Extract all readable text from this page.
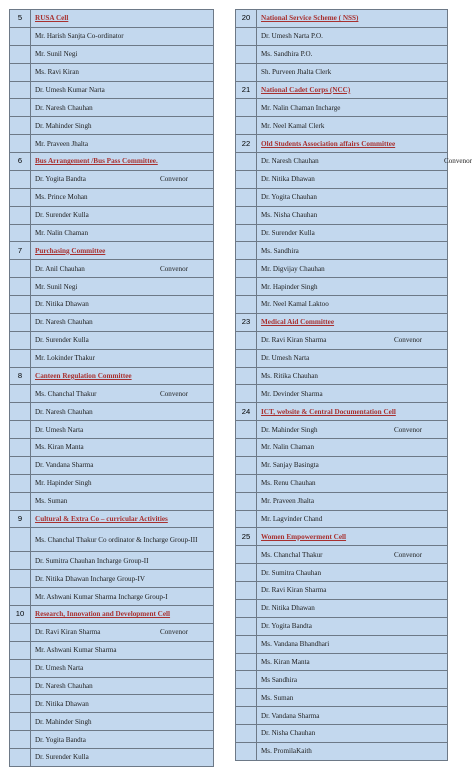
5	RUSA Cell

	Mr. Harish Sanjta Co-ordinator

	Mr. Sunil Negi

	Ms. Ravi Kiran

	Dr. Umesh Kumar Narta

	Dr. Naresh Chauhan

	Dr. Mahinder Singh

	Mr. Praveen Jhalta

6	Bus Arrangement /Bus Pass Committee.

	Dr. Yogita Bandta Convenor

	Ms. Prince Mohan

	Dr. Surender Kulla

	Mr. Nalin Chaman

7	Purchasing Committee

	Dr. Anil Chauhan Convenor

	Mr. Sunil Negi

	Dr. Nitika Dhawan

	Dr. Naresh Chauhan

	Dr. Surender Kulla

	Mr. Lokinder Thakur

8	Canteen Regulation Committee

	Ms. Chanchal Thakur Convenor

	Dr. Naresh Chauhan

	Dr. Umesh Narta

	Ms. Kiran Manta

	Dr. Vandana Sharma

	Mr. Hapinder Singh

	Ms. Suman

9	Cultural & Extra Co – curricular Activities

	Ms. Chanchal Thakur Co ordinator & Incharge Group-III

	Dr. Sumitra Chauhan Incharge Group-II

	Dr. Nitika Dhawan Incharge Group-IV

	Mr. Ashwani Kumar Sharma Incharge Group-I

10	Research, Innovation and Development Cell

	Dr. Ravi Kiran Sharma Convenor

	Mr. Ashwani Kumar Sharma

	Dr. Umesh Narta

	Dr. Naresh Chauhan

	Dr. Nitika Dhawan

	Dr. Mahinder Singh

	Dr. Yogita Bandta

	Dr. Surender Kulla
20	National Service Scheme ( NSS)

	Dr. Umesh Narta P.O.

	Ms. Sandhira P.O.

	Sh. Purveen Jhalta Clerk

21	National Cadet Corps (NCC)

	Mr. Nalin Chaman Incharge

	Mr. Neel Kamal Clerk

22	Old Students Association affairs Committee

	Dr. Naresh Chauhan Convenor

	Dr. Nitika Dhawan

	Dr. Yogita Chauhan

	Ms. Nisha Chauhan

	Dr. Surender Kulla

	Ms. Sandhira

	Mr. Digvijay Chauhan

	Mr. Hapinder Singh

	Mr. Neel Kamal Laktoo

23	Medical Aid Committee

	Dr. Ravi Kiran Sharma Convenor

	Dr. Umesh Narta

	Ms. Ritika Chauhan

	Mr. Devinder Sharma

24	ICT, website & Central Documentation Cell

	Dr. Mahinder Singh Convenor

	Mr. Nalin Chaman

	Mr. Sanjay Basingta

	Ms. Renu Chauhan

	Mr. Praveen Jhalta

	Mr. Lagvinder Chand

25	Women Empowerment Cell

	Ms. Chanchal Thakur Convenor

	Dr. Sumitra Chauhan

	Dr. Ravi Kiran Sharma

	Dr. Nitika Dhawan

	Dr. Yogita Bandta

	Ms. Vandana Bhandhari

	Ms. Kiran Manta

	Ms Sandhira

	Ms. Suman

	Dr. Vandana Sharma

	Dr. Nisha Chauhan

	Ms. PromilaKaith
